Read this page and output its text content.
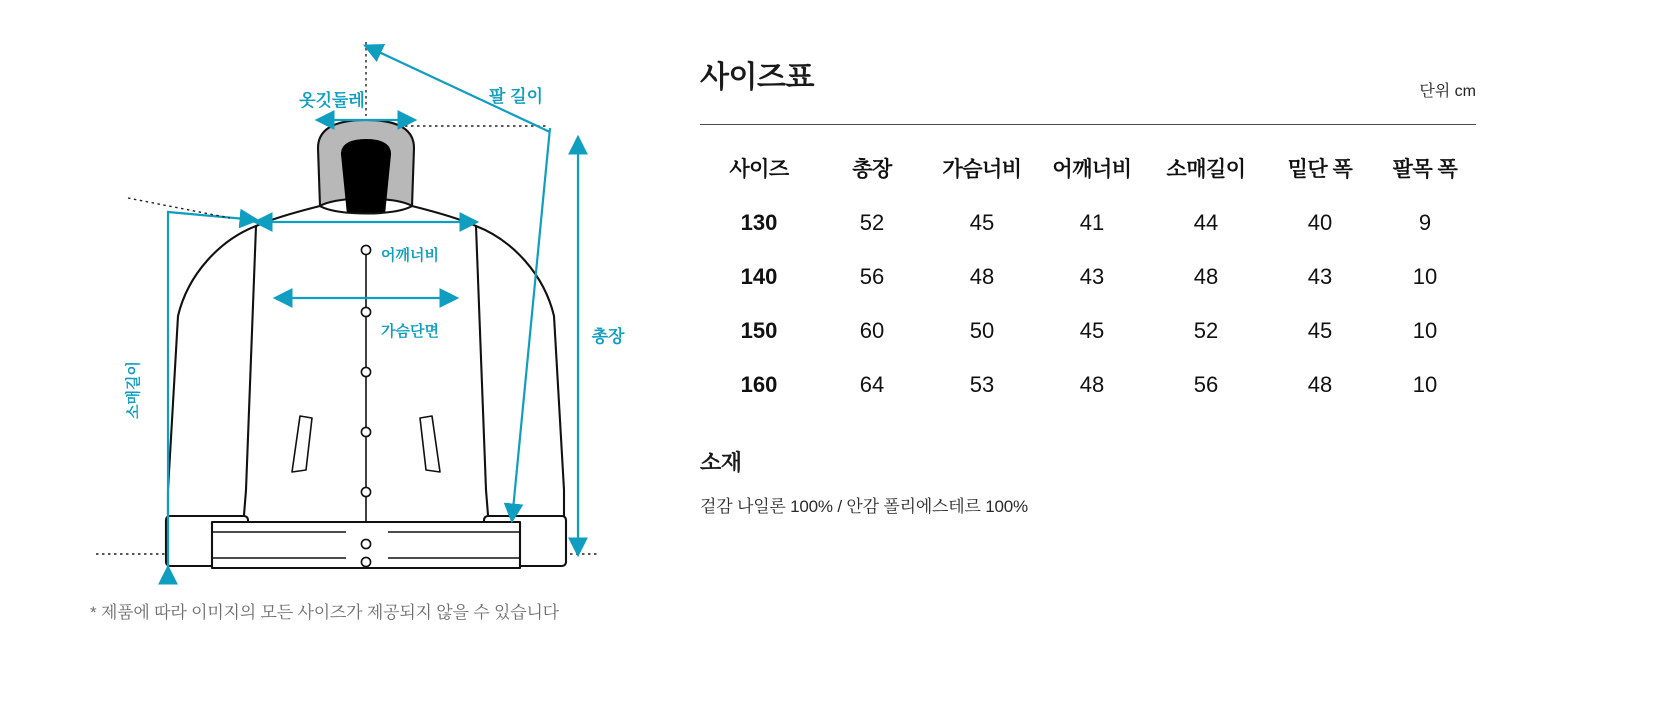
옷깃둘레	팔 길이
어깨너비
가슴단면
소매길이
총장
* 제품에 따라 이미지의 모든 사이즈가 제공되지 않을 수 있습니다
사이즈표	단위 cm
사이즈	총장	가슴너비	어깨너비	소매길이	밑단 폭	팔목 폭
130	52	45	41	44	40	9
140	56	48	43	48	43	10
150	60	50	45	52	45	10
160	64	53	48	56	48	10
소재
겉감 나일론 100% / 안감 폴리에스테르 100%
